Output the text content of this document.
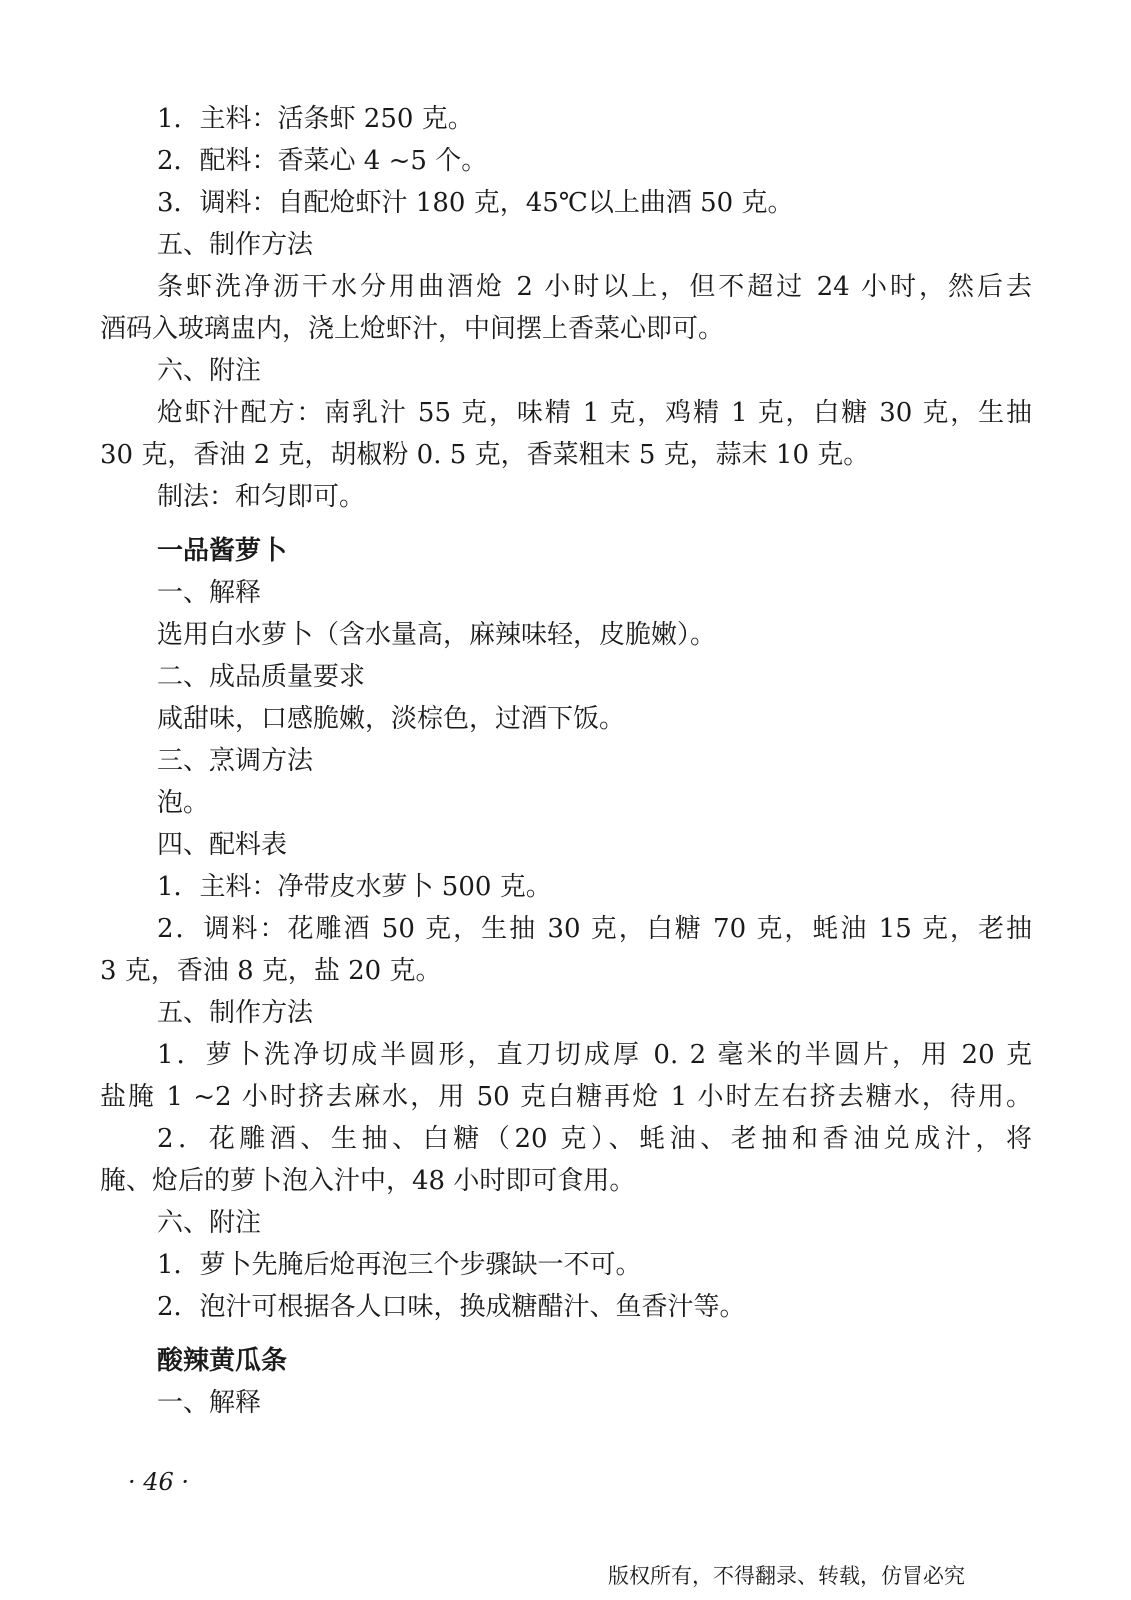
1．主料：活条虾 250 克。
2．配料：香菜心 4 ~5 个。
3．调料：自配炝虾汁 180 克，45℃以上曲酒 50 克。
五、制作方法
条虾洗净沥干水分用曲酒炝 2 小时以上，但不超过 24 小时，然后去
酒码入玻璃盅内，浇上炝虾汁，中间摆上香菜心即可。
六、附注
炝虾汁配方：南乳汁 55 克，味精 1 克，鸡精 1 克，白糖 30 克，生抽
30 克，香油 2 克，胡椒粉 0. 5 克，香菜粗末 5 克，蒜末 10 克。
制法：和匀即可。
一品酱萝卜
一、解释
选用白水萝卜（含水量高，麻辣味轻，皮脆嫩）。
二、成品质量要求
咸甜味，口感脆嫩，淡棕色，过酒下饭。
三、烹调方法
泡。
四、配料表
1．主料：净带皮水萝卜 500 克。
2．调料：花雕酒 50 克，生抽 30 克，白糖 70 克，蚝油 15 克，老抽
3 克，香油 8 克，盐 20 克。
五、制作方法
1．萝卜洗净切成半圆形，直刀切成厚 0. 2 毫米的半圆片，用 20 克
盐腌 1 ~2 小时挤去麻水，用 50 克白糖再炝 1 小时左右挤去糖水，待用。
2．花雕酒、生抽、白糖（20 克）、蚝油、老抽和香油兑成汁，将
腌、炝后的萝卜泡入汁中，48 小时即可食用。
六、附注
1．萝卜先腌后炝再泡三个步骤缺一不可。
2．泡汁可根据各人口味，换成糖醋汁、鱼香汁等。
酸辣黄瓜条
一、解释
· 46 ·
版权所有，不得翻录、转载，仿冒必究
